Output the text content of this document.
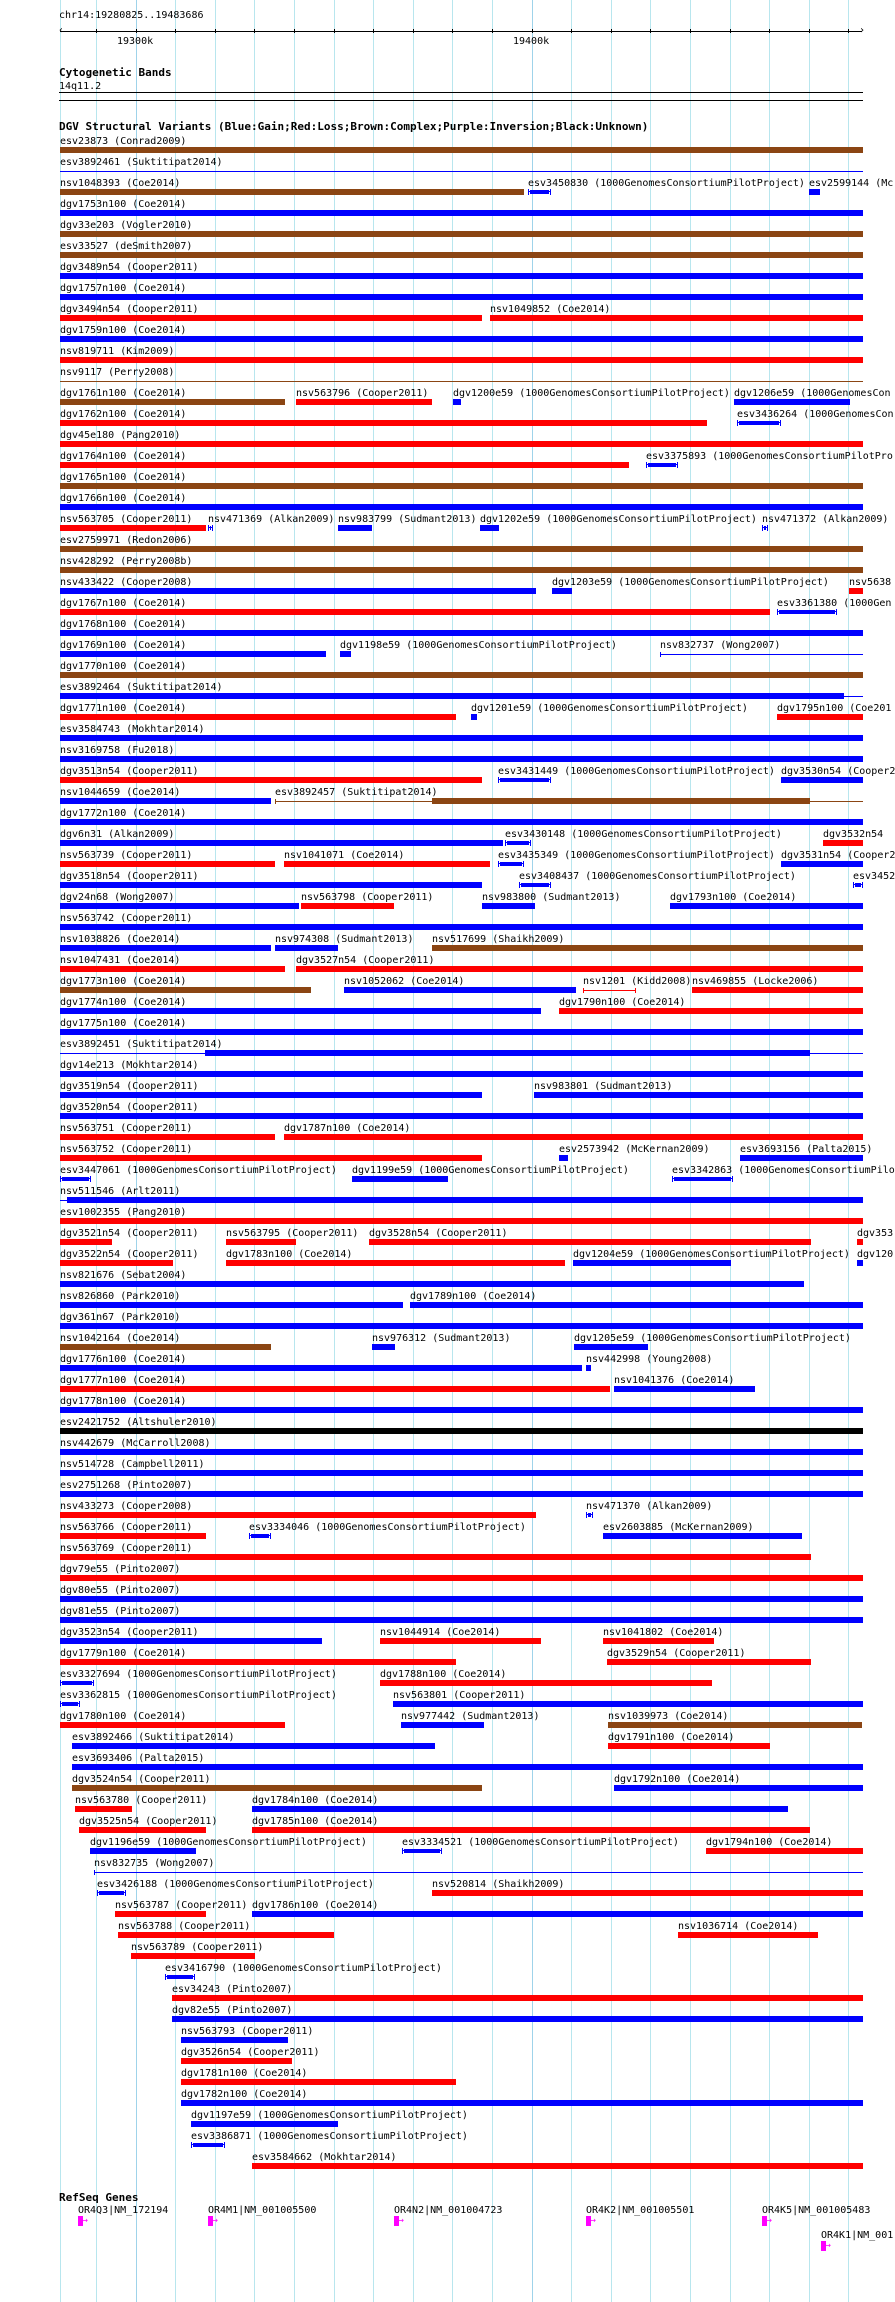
chr14:19280825..19483686
‹	›
19300k	19400k
Cytogenetic Bands
14q11.2
DGV Structural Variants (Blue:Gain;Red:Loss;Brown:Complex;Purple:Inversion;Black:Unknown)
esv23873 (Conrad2009)
esv3892461 (Suktitipat2014)
nsv1048393 (Coe2014)	esv3450830 (1000GenomesConsortiumPilotProject) esv2599144 (Mc
dgv1753n100 (Coe2014)
dgv33e203 (Vogler2010)
esv33527 (deSmith2007)
dgv3489n54 (Cooper2011)
dgv1757n100 (Coe2014)
dgv3494n54 (Cooper2011)	nsv1049852 (Coe2014)
dgv1759n100 (Coe2014)
nsv819711 (Kim2009)
nsv9117 (Perry2008)
dgv1761n100 (Coe2014)	nsv563796 (Cooper2011) dgv1200e59 (1000GenomesConsortiumPilotProject) dgv1206e59 (1000GenomesCon
dgv1762n100 (Coe2014)	esv3436264 (1000GenomesCon
dgv45e180 (Pang2010)
dgv1764n100 (Coe2014)	esv3375893 (1000GenomesConsortiumPilotPro
dgv1765n100 (Coe2014)
dgv1766n100 (Coe2014)
nsv563705 (Cooper2011) nsv471369 (Alkan2009) nsv983799 (Sudmant2013) dgv1202e59 (1000GenomesConsortiumPilotProject) nsv471372 (Alkan2009)
esv2759971 (Redon2006)
nsv428292 (Perry2008b)
nsv433422 (Cooper2008)	dgv1203e59 (1000GenomesConsortiumPilotProject) nsv5638
dgv1767n100 (Coe2014)	esv3361380 (1000Gen
dgv1768n100 (Coe2014)
dgv1769n100 (Coe2014)	dgv1198e59 (1000GenomesConsortiumPilotProject)	nsv832737 (Wong2007)
dgv1770n100 (Coe2014)
esv3892464 (Suktitipat2014)
dgv1771n100 (Coe2014)	dgv1201e59 (1000GenomesConsortiumPilotProject)	dgv1795n100 (Coe201
esv3584743 (Mokhtar2014)
nsv3169758 (Fu2018)
dgv3513n54 (Cooper2011)	esv3431449 (1000GenomesConsortiumPilotProject) dgv3530n54 (Cooper2
nsv1044659 (Coe2014)	esv3892457 (Suktitipat2014)
dgv1772n100 (Coe2014)
dgv6n31 (Alkan2009)	esv3430148 (1000GenomesConsortiumPilotProject)	dgv3532n54
nsv563739 (Cooper2011)	nsv1041071 (Coe2014)	esv3435349 (1000GenomesConsortiumPilotProject) dgv3531n54 (Cooper2
dgv3518n54 (Cooper2011)	esv3408437 (1000GenomesConsortiumPilotProject)	esv3452
dgv24n68 (Wong2007)	nsv563798 (Cooper2011)	nsv983800 (Sudmant2013)	dgv1793n100 (Coe2014)
nsv563742 (Cooper2011)
nsv1038826 (Coe2014)	nsv974308 (Sudmant2013) nsv517699 (Shaikh2009)
nsv1047431 (Coe2014)	dgv3527n54 (Cooper2011)
dgv1773n100 (Coe2014)	nsv1052062 (Coe2014)	nsv1201 (Kidd2008) nsv469855 (Locke2006)
dgv1774n100 (Coe2014)	dgv1790n100 (Coe2014)
dgv1775n100 (Coe2014)
esv3892451 (Suktitipat2014)
dgv14e213 (Mokhtar2014)
dgv3519n54 (Cooper2011)	nsv983801 (Sudmant2013)
dgv3520n54 (Cooper2011)
nsv563751 (Cooper2011)	dgv1787n100 (Coe2014)
nsv563752 (Cooper2011)	esv2573942 (McKernan2009)	esv3693156 (Palta2015)
esv3447061 (1000GenomesConsortiumPilotProject) dgv1199e59 (1000GenomesConsortiumPilotProject)	esv3342863 (1000GenomesConsortiumPilo
nsv511546 (Arlt2011)
esv1002355 (Pang2010)
dgv3521n54 (Cooper2011)	nsv563795 (Cooper2011) dgv3528n54 (Cooper2011)	dgv353
dgv3522n54 (Cooper2011)	dgv1783n100 (Coe2014)	dgv1204e59 (1000GenomesConsortiumPilotProject) dgv120
nsv821676 (Sebat2004)
nsv826860 (Park2010)	dgv1789n100 (Coe2014)
dgv361n67 (Park2010)
nsv1042164 (Coe2014)	nsv976312 (Sudmant2013)	dgv1205e59 (1000GenomesConsortiumPilotProject)
dgv1776n100 (Coe2014)	nsv442998 (Young2008)
dgv1777n100 (Coe2014)	nsv1041376 (Coe2014)
dgv1778n100 (Coe2014)
esv2421752 (Altshuler2010)
nsv442679 (McCarroll2008)
nsv514728 (Campbell2011)
esv2751268 (Pinto2007)
nsv433273 (Cooper2008)	nsv471370 (Alkan2009)
nsv563766 (Cooper2011)	esv3334046 (1000GenomesConsortiumPilotProject)	esv2603885 (McKernan2009)
nsv563769 (Cooper2011)
dgv79e55 (Pinto2007)
dgv80e55 (Pinto2007)
dgv81e55 (Pinto2007)
dgv3523n54 (Cooper2011)	nsv1044914 (Coe2014)	nsv1041802 (Coe2014)
dgv1779n100 (Coe2014)	dgv3529n54 (Cooper2011)
esv3327694 (1000GenomesConsortiumPilotProject)	dgv1788n100 (Coe2014)
esv3362815 (1000GenomesConsortiumPilotProject)	nsv563801 (Cooper2011)
dgv1780n100 (Coe2014)	nsv977442 (Sudmant2013)	nsv1039973 (Coe2014)
esv3892466 (Suktitipat2014)	dgv1791n100 (Coe2014)
esv3693406 (Palta2015)
dgv3524n54 (Cooper2011)	dgv1792n100 (Coe2014)
nsv563780 (Cooper2011)	dgv1784n100 (Coe2014)
dgv3525n54 (Cooper2011)	dgv1785n100 (Coe2014)
dgv1196e59 (1000GenomesConsortiumPilotProject)	esv3334521 (1000GenomesConsortiumPilotProject)	dgv1794n100 (Coe2014)
nsv832735 (Wong2007)
esv3426188 (1000GenomesConsortiumPilotProject)	nsv520814 (Shaikh2009)
nsv563787 (Cooper2011) dgv1786n100 (Coe2014)
nsv563788 (Cooper2011)	nsv1036714 (Coe2014)
nsv563789 (Cooper2011)
esv3416790 (1000GenomesConsortiumPilotProject)
esv34243 (Pinto2007)
dgv82e55 (Pinto2007)
nsv563793 (Cooper2011)
dgv3526n54 (Cooper2011)
dgv1781n100 (Coe2014)
dgv1782n100 (Coe2014)
dgv1197e59 (1000GenomesConsortiumPilotProject)
esv3386871 (1000GenomesConsortiumPilotProject)
esv3584662 (Mokhtar2014)
RefSeq Genes
OR4Q3|NM_172194
↦
OR4M1|NM_001005500
↦
OR4N2|NM_001004723
↦
OR4K2|NM_001005501
↦
OR4K5|NM_001005483
↦
OR4K1|NM_001
↦
